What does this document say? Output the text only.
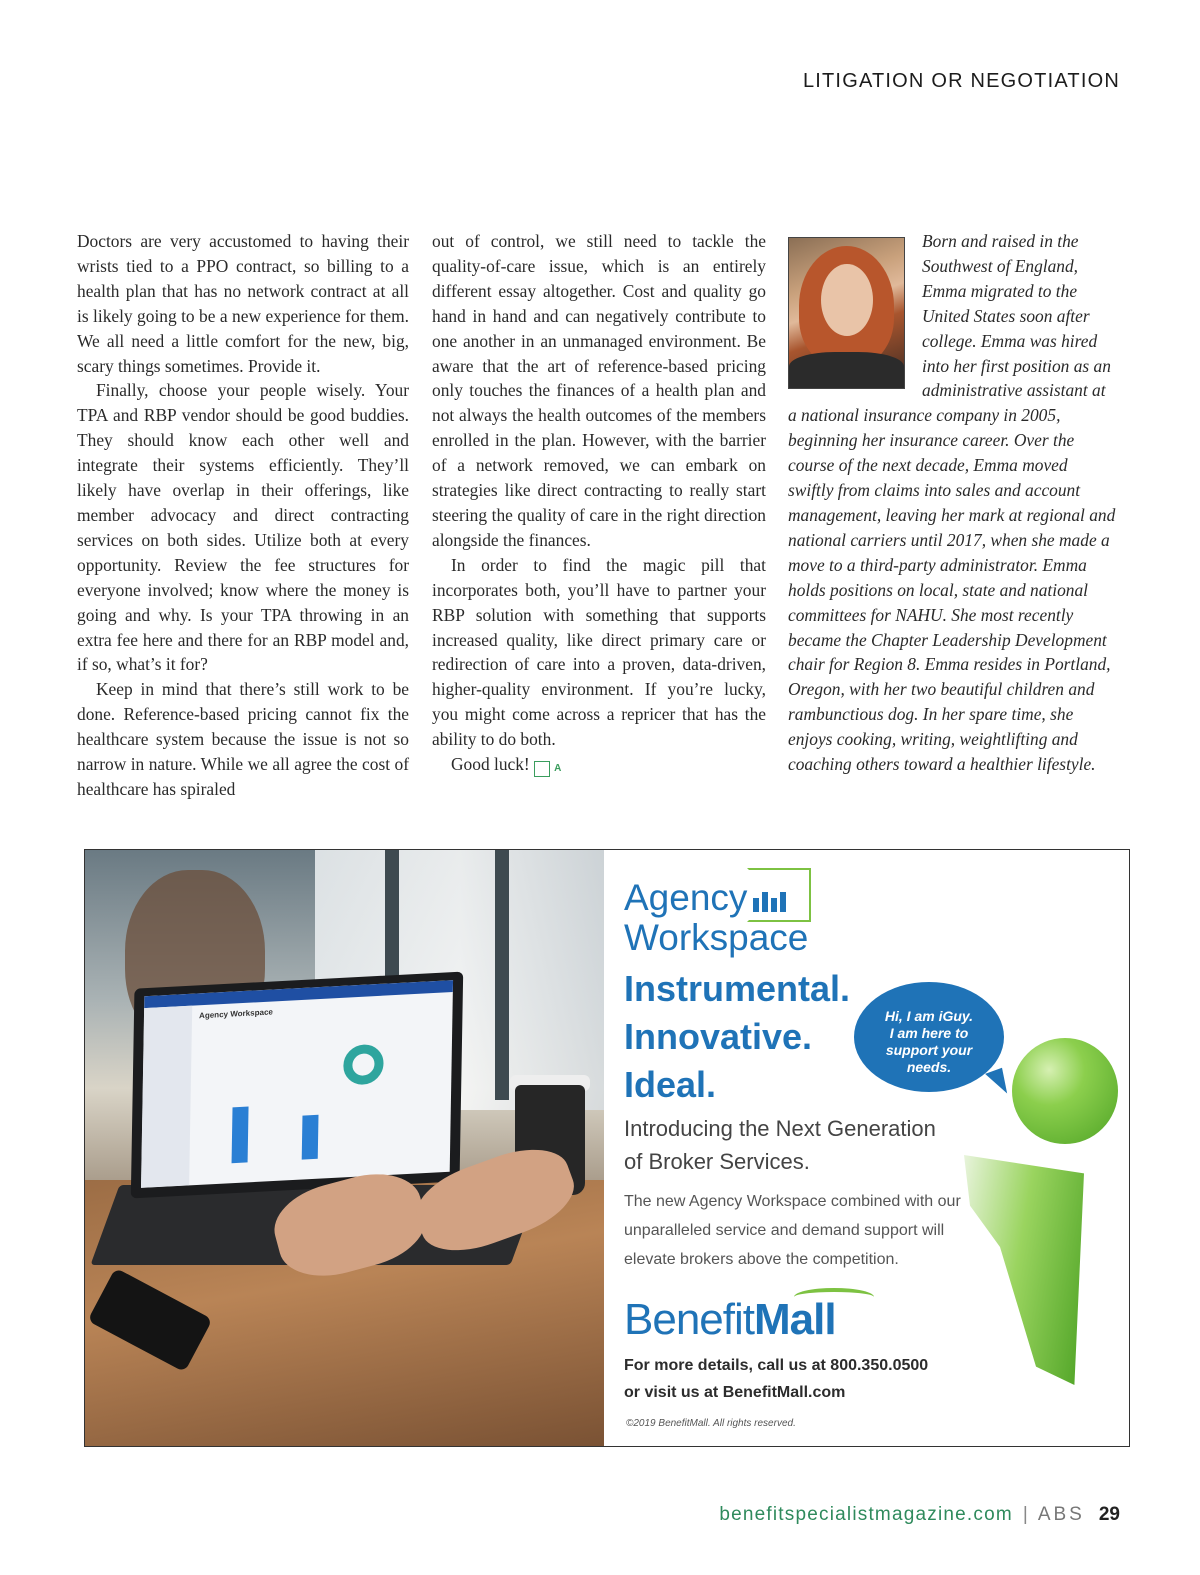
LITIGATION OR NEGOTIATION

Doctors are very accustomed to having their wrists tied to a PPO contract, so billing to a health plan that has no network contract at all is likely going to be a new experience for them. We all need a little comfort for the new, big, scary things sometimes. Provide it.

Finally, choose your people wisely. Your TPA and RBP vendor should be good buddies. They should know each other well and integrate their systems efficiently. They’ll likely have overlap in their offerings, like member advocacy and direct contracting services on both sides. Utilize both at every opportunity. Review the fee structures for everyone involved; know where the money is going and why. Is your TPA throwing in an extra fee here and there for an RBP model and, if so, what’s it for?

Keep in mind that there’s still work to be done. Reference-based pricing cannot fix the healthcare system because the issue is not so narrow in nature. While we all agree the cost of healthcare has spiraled

out of control, we still need to tackle the quality-of-care issue, which is an entirely different essay altogether. Cost and quality go hand in hand and can negatively contribute to one another in an unmanaged environment. Be aware that the art of reference-based pricing only touches the finances of a health plan and not always the health outcomes of the members enrolled in the plan. However, with the barrier of a network removed, we can embark on strategies like direct contracting to really start steering the quality of care in the right direction alongside the finances.

In order to find the magic pill that incorporates both, you’ll have to partner your RBP solution with something that supports increased quality, like direct primary care or redirection of care into a proven, data-driven, higher-quality environment. If you’re lucky, you might come across a repricer that has the ability to do both.

Good luck! A

Born and raised in the Southwest of England, Emma migrated to the United States soon after college. Emma was hired into her first position as an administrative assistant at a national insurance company in 2005, beginning her insurance career. Over the course of the next decade, Emma moved swiftly from claims into sales and account management, leaving her mark at regional and national carriers until 2017, when she made a move to a third-party administrator. Emma holds positions on local, state and national committees for NAHU. She most recently became the Chapter Leadership Development chair for Region 8. Emma resides in Portland, Oregon, with her two beautiful children and rambunctious dog. In her spare time, she enjoys cooking, writing, weightlifting and coaching others toward a healthier lifestyle.
Agency Workspace
Agency
Workspace
Instrumental.
Innovative.
Ideal.
Hi, I am iGuy.
I am here to
support your
needs.
Introducing the Next Generation
of Broker Services.
The new Agency Workspace combined with our unparalleled service and demand support will elevate brokers above the competition.
BenefitMall
For more details, call us at 800.350.0500
or visit us at BenefitMall.com
©2019 BenefitMall. All rights reserved.
benefitspecialistmagazine.com | ABS 29
